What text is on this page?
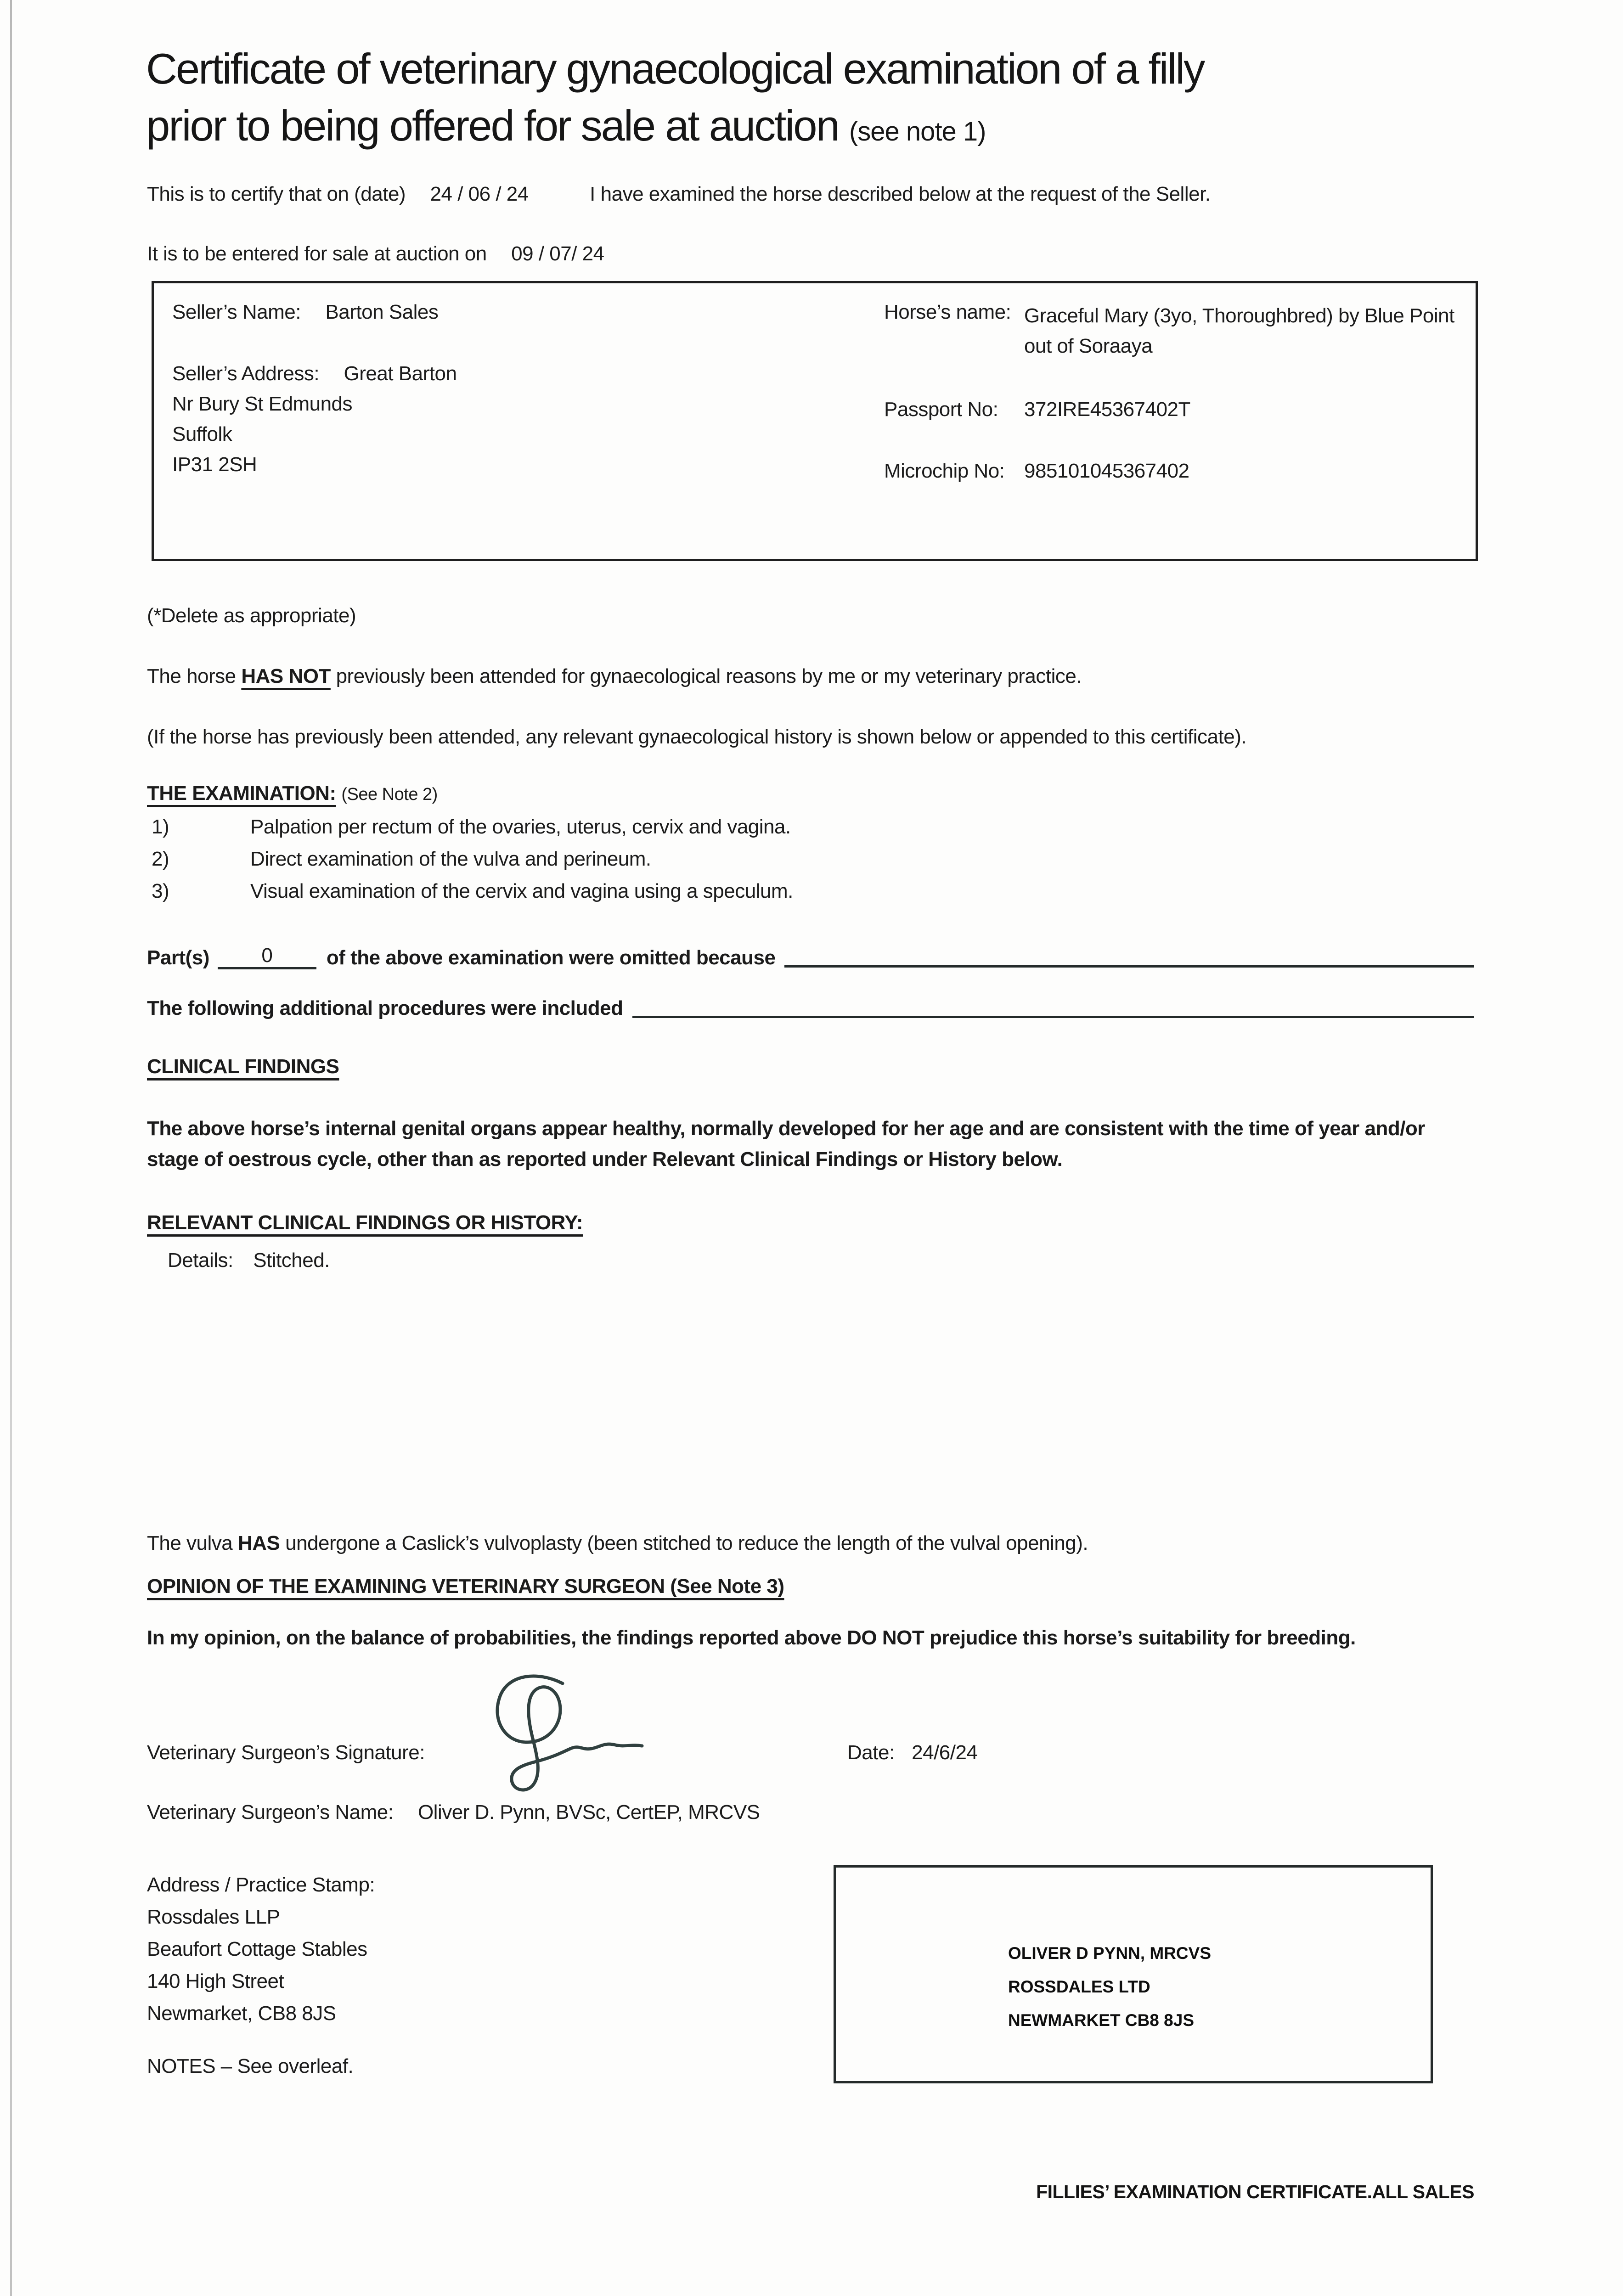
Certificate of veterinary gynaecological examination of a filly
prior to being offered for sale at auction (see note 1)
This is to certify that on (date) 24 / 06 / 24	I have examined the horse described below at the request of the Seller.
It is to be entered for sale at auction on 09 / 07/ 24
Seller’s Name: Barton Sales
Seller’s Address: Great Barton
Nr Bury St Edmunds
Suffolk
IP31 2SH
Horse’s name: Graceful Mary (3yo, Thoroughbred) by Blue Point out of Soraaya
Passport No: 372IRE45367402T
Microchip No: 985101045367402
(*Delete as appropriate)
The horse HAS NOT previously been attended for gynaecological reasons by me or my veterinary practice.
(If the horse has previously been attended, any relevant gynaecological history is shown below or appended to this certificate).
THE EXAMINATION: (See Note 2)
1)	Palpation per rectum of the ovaries, uterus, cervix and vagina.
2)	Direct examination of the vulva and perineum.
3)	Visual examination of the cervix and vagina using a speculum.
Part(s)	0	of the above examination were omitted because
The following additional procedures were included
CLINICAL FINDINGS
The above horse’s internal genital organs appear healthy, normally developed for her age and are consistent with the time of year and/or stage of oestrous cycle, other than as reported under Relevant Clinical Findings or History below.
RELEVANT CLINICAL FINDINGS OR HISTORY:
Details: Stitched.
The vulva HAS undergone a Caslick’s vulvoplasty (been stitched to reduce the length of the vulval opening).
OPINION OF THE EXAMINING VETERINARY SURGEON (See Note 3)
In my opinion, on the balance of probabilities, the findings reported above DO NOT prejudice this horse’s suitability for breeding.
Veterinary Surgeon’s Signature:	Date: 24/6/24
Veterinary Surgeon’s Name: Oliver D. Pynn, BVSc, CertEP, MRCVS
Address / Practice Stamp:
Rossdales LLP
Beaufort Cottage Stables
140 High Street
Newmarket, CB8 8JS
OLIVER D PYNN, MRCVS
ROSSDALES LTD
NEWMARKET CB8 8JS
NOTES – See overleaf.
FILLIES’ EXAMINATION CERTIFICATE.ALL SALES
